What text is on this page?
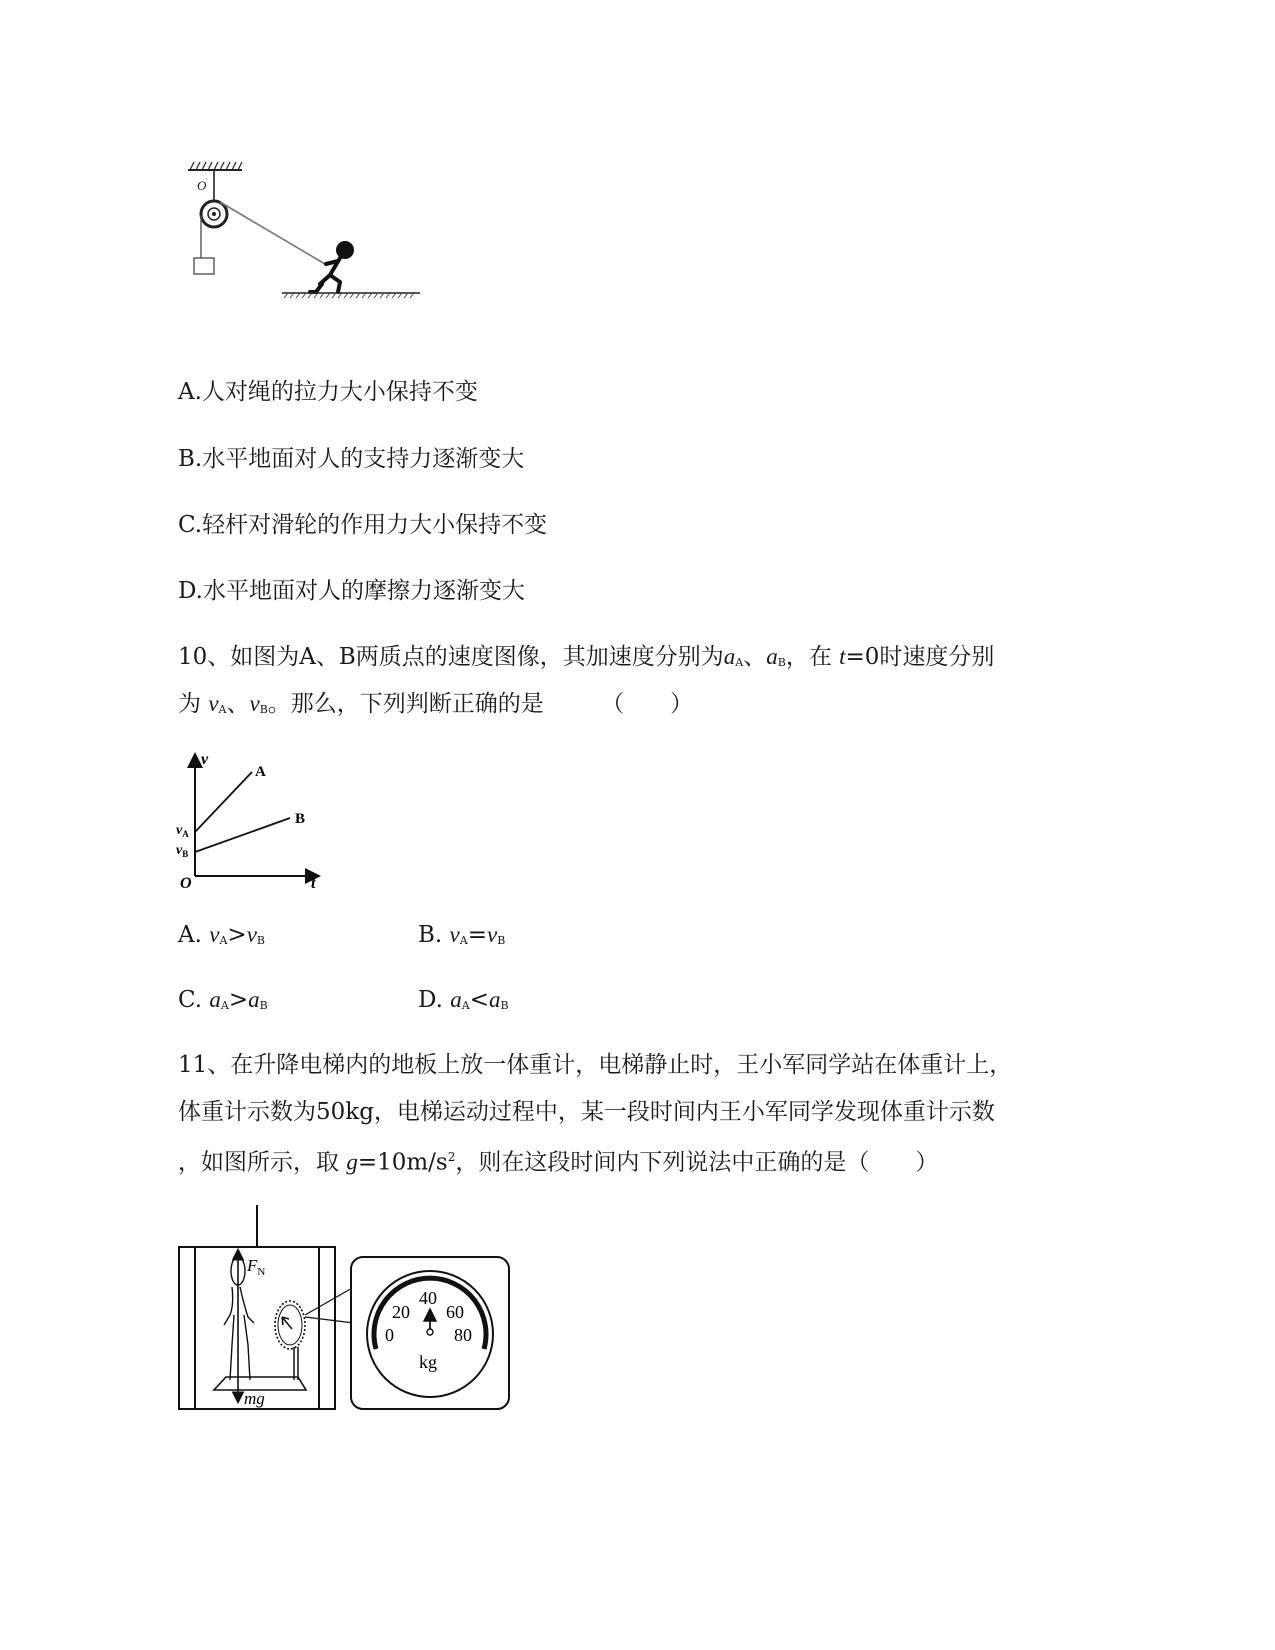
O
A.人对绳的拉力大小保持不变
B.水平地面对人的支持力逐渐变大
C.轻杆对滑轮的作用力大小保持不变
D.水平地面对人的摩擦力逐渐变大
10、如图为A、B两质点的速度图像，其加速度分别为$a_A$、$a_B$，在 t=0时速度分别
为 $v_A$、$v_B$。那么，下列判断正确的是 （　　）
v
t
O
A
B
$v_A$
$v_B$
A. $v_A>v_B$	B. $v_A=v_B$
C. $a_A>a_B$	D. $a_A<a_B$
11、在升降电梯内的地板上放一体重计，电梯静止时，王小军同学站在体重计上，
体重计示数为50kg，电梯运动过程中，某一段时间内王小军同学发现体重计示数
，如图所示，取 $g=10m/s^2$，则在这段时间内下列说法中正确的是（　　）
$F_N$
mg
0
20
40
60
80
kg
